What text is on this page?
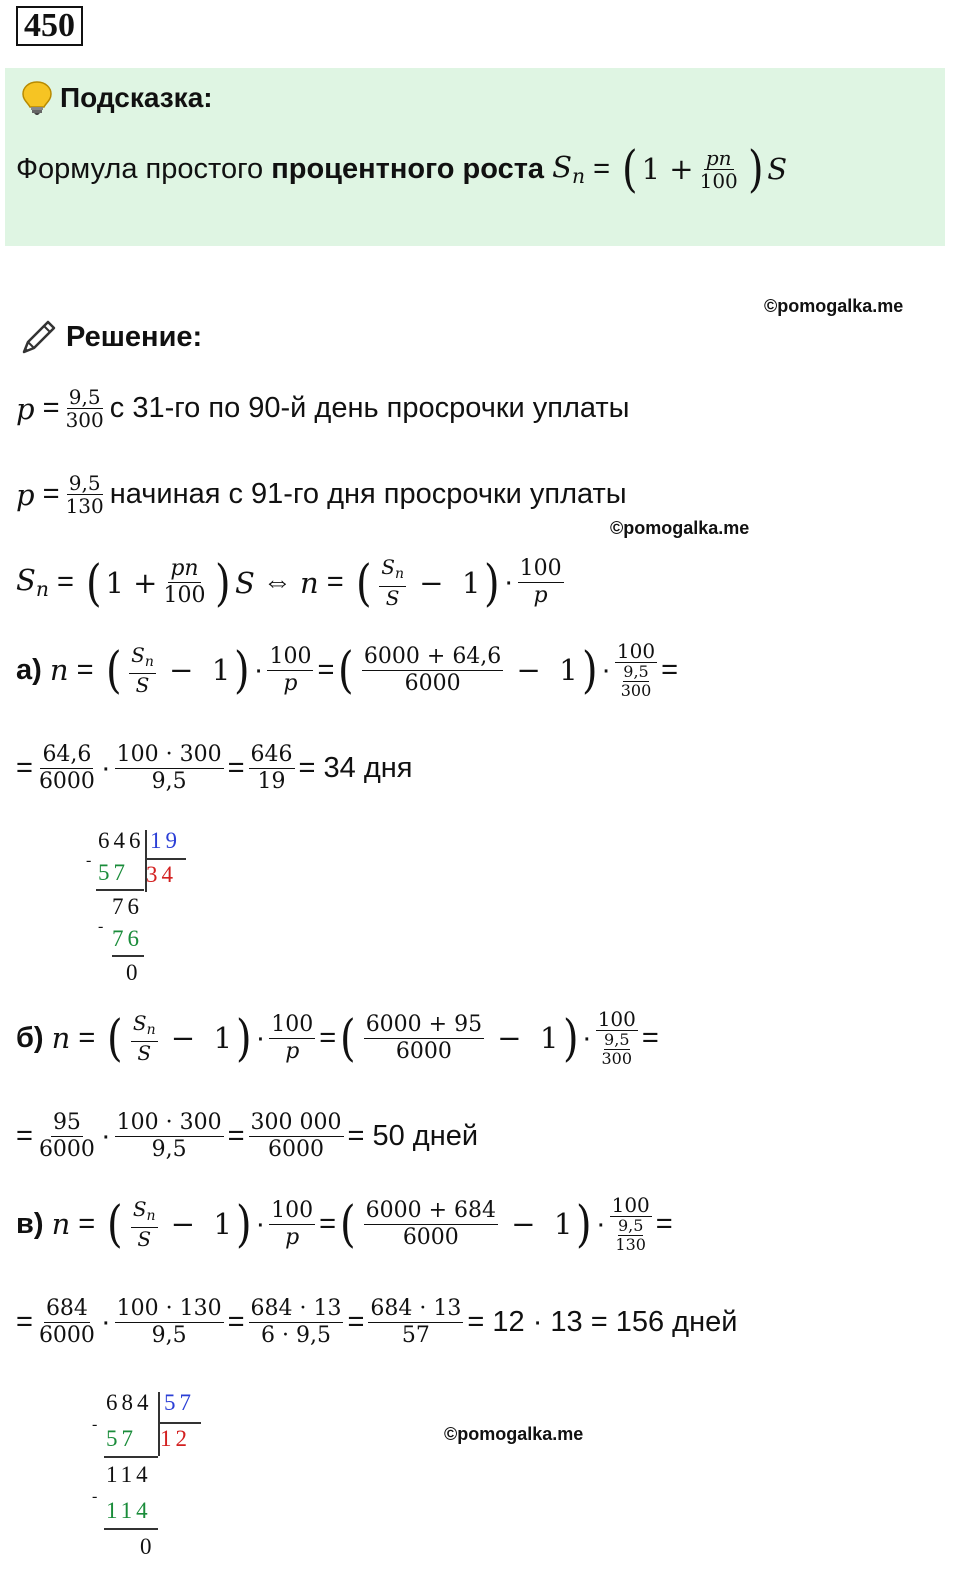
450
Подсказка:
Формула простого
процентного роста
$S_n$ = ( $1 + \frac{pn}{100}$ ) S
©pomogalka.me
©pomogalka.me
©pomogalka.me
Решение:
$p = \frac{9,5}{300}$ с 31-го по 90-й день просрочки уплаты
$p = \frac{9,5}{130}$ начиная с 91-го дня просрочки уплаты
$S_n$ = ( $1 + \frac{pn}{100}$ ) S ⇔ n = ( $\frac{S_n}{S} - 1$ ) · $\frac{100}{p}$
а)
n = ( $\frac{S_n}{S} - 1$ ) · $\frac{100}{p}$ = ( $\frac{6000 + 64,6}{6000} - 1$ ) · 100
9,5
300 =
= $\frac{64,6}{6000} \cdot \frac{100 \cdot 300}{9,5} = \frac{646}{19} = 34$ дня
646 19
- 57 34
76
- 76
0
б)
n = ( $\frac{S_n}{S} - 1$ ) · $\frac{100}{p}$ = ( $\frac{6000 + 95}{6000} - 1$ ) · 100
9,5
300 =
= $\frac{95}{6000} \cdot \frac{100 \cdot 300}{9,5} = \frac{300 000}{6000} = 50$ дней
в)
n = ( $\frac{S_n}{S} - 1$ ) · $\frac{100}{p}$ = ( $\frac{6000 + 684}{6000} - 1$ ) · 100
9,5
130 =
= $\frac{684}{6000} \cdot \frac{100 \cdot 130}{9,5} = \frac{684 \cdot 13}{6 \cdot 9,5} = \frac{684 \cdot 13}{57} = 12 \cdot 13 = 156$ дней
684 57
-
57 12
114
-
114
0
